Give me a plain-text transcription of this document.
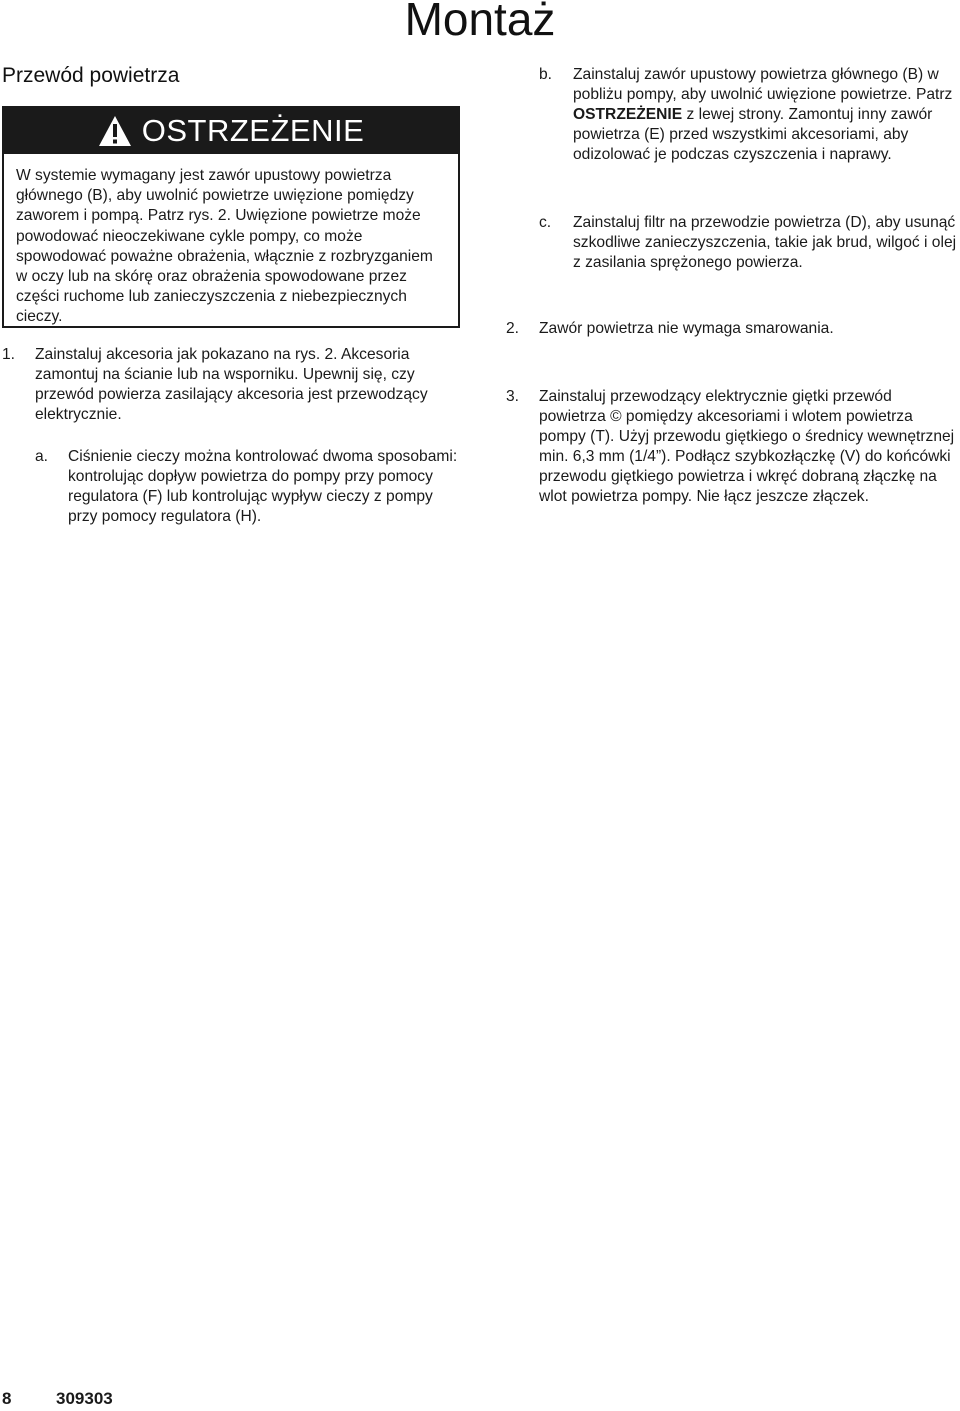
Montaż
Przewód powietrza
OSTRZEŻENIE
W systemie wymagany jest zawór upustowy powietrza głównego (B), aby uwolnić powietrze uwięzione pomiędzy zaworem i pompą. Patrz rys. 2. Uwięzione powietrze może powodować nieoczekiwane cykle pompy, co może spowodować poważne obrażenia, włącznie z rozbryzganiem w oczy lub na skórę oraz obrażenia spowodowane przez części ruchome lub zanieczyszczenia z niebezpiecznych cieczy.
1. Zainstaluj akcesoria jak pokazano na rys. 2. Akcesoria zamontuj na ścianie lub na wsporniku. Upewnij się, czy przewód powierza zasilający akcesoria jest przewodzący elektrycznie.
a. Ciśnienie cieczy można kontrolować dwoma sposobami: kontrolując dopływ powietrza do pompy przy pomocy regulatora (F) lub kontrolując wypływ cieczy z pompy przy pomocy regulatora (H).
b. Zainstaluj zawór upustowy powietrza głównego (B) w pobliżu pompy, aby uwolnić uwięzione powietrze. Patrz OSTRZEŻENIE z lewej strony. Zamontuj inny zawór powietrza (E) przed wszystkimi akcesoriami, aby odizolować je podczas czyszczenia i naprawy.
c. Zainstaluj filtr na przewodzie powietrza (D), aby usunąć szkodliwe zanieczyszczenia, takie jak brud, wilgoć i olej z zasilania sprężonego powierza.
2. Zawór powietrza nie wymaga smarowania.
3. Zainstaluj przewodzący elektrycznie giętki przewód powietrza © pomiędzy akcesoriami i wlotem powietrza pompy (T). Użyj przewodu giętkiego o średnicy wewnętrznej min. 6,3 mm (1/4”). Podłącz szybkozłączkę (V) do końcówki przewodu giętkiego powietrza i wkręć dobraną złączkę na wlot powietrza pompy. Nie łącz jeszcze złączek.
8	309303
